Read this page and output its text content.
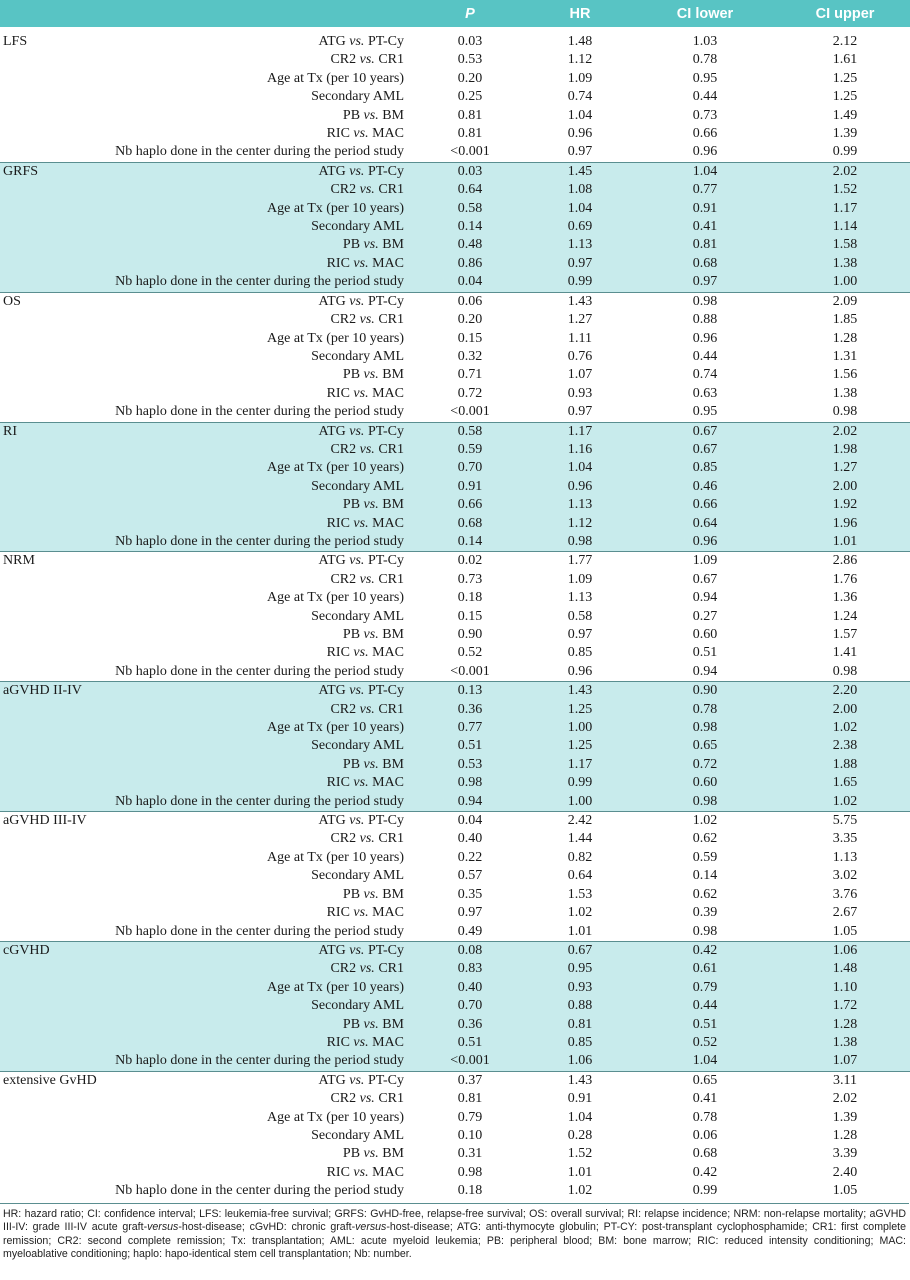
		P	HR	CI lower	CI upper
LFS	ATG vs. PT-Cy	0.03	1.48	1.03	2.12
	CR2 vs. CR1	0.53	1.12	0.78	1.61
	Age at Tx (per 10 years)	0.20	1.09	0.95	1.25
	Secondary AML	0.25	0.74	0.44	1.25
	PB vs. BM	0.81	1.04	0.73	1.49
	RIC vs. MAC	0.81	0.96	0.66	1.39
	Nb haplo done in the center during the period study	<0.001	0.97	0.96	0.99
GRFS	ATG vs. PT-Cy	0.03	1.45	1.04	2.02
	CR2 vs. CR1	0.64	1.08	0.77	1.52
	Age at Tx (per 10 years)	0.58	1.04	0.91	1.17
	Secondary AML	0.14	0.69	0.41	1.14
	PB vs. BM	0.48	1.13	0.81	1.58
	RIC vs. MAC	0.86	0.97	0.68	1.38
	Nb haplo done in the center during the period study	0.04	0.99	0.97	1.00
OS	ATG vs. PT-Cy	0.06	1.43	0.98	2.09
	CR2 vs. CR1	0.20	1.27	0.88	1.85
	Age at Tx (per 10 years)	0.15	1.11	0.96	1.28
	Secondary AML	0.32	0.76	0.44	1.31
	PB vs. BM	0.71	1.07	0.74	1.56
	RIC vs. MAC	0.72	0.93	0.63	1.38
	Nb haplo done in the center during the period study	<0.001	0.97	0.95	0.98
RI	ATG vs. PT-Cy	0.58	1.17	0.67	2.02
	CR2 vs. CR1	0.59	1.16	0.67	1.98
	Age at Tx (per 10 years)	0.70	1.04	0.85	1.27
	Secondary AML	0.91	0.96	0.46	2.00
	PB vs. BM	0.66	1.13	0.66	1.92
	RIC vs. MAC	0.68	1.12	0.64	1.96
	Nb haplo done in the center during the period study	0.14	0.98	0.96	1.01
NRM	ATG vs. PT-Cy	0.02	1.77	1.09	2.86
	CR2 vs. CR1	0.73	1.09	0.67	1.76
	Age at Tx (per 10 years)	0.18	1.13	0.94	1.36
	Secondary AML	0.15	0.58	0.27	1.24
	PB vs. BM	0.90	0.97	0.60	1.57
	RIC vs. MAC	0.52	0.85	0.51	1.41
	Nb haplo done in the center during the period study	<0.001	0.96	0.94	0.98
aGVHD II-IV	ATG vs. PT-Cy	0.13	1.43	0.90	2.20
	CR2 vs. CR1	0.36	1.25	0.78	2.00
	Age at Tx (per 10 years)	0.77	1.00	0.98	1.02
	Secondary AML	0.51	1.25	0.65	2.38
	PB vs. BM	0.53	1.17	0.72	1.88
	RIC vs. MAC	0.98	0.99	0.60	1.65
	Nb haplo done in the center during the period study	0.94	1.00	0.98	1.02
aGVHD III-IV	ATG vs. PT-Cy	0.04	2.42	1.02	5.75
	CR2 vs. CR1	0.40	1.44	0.62	3.35
	Age at Tx (per 10 years)	0.22	0.82	0.59	1.13
	Secondary AML	0.57	0.64	0.14	3.02
	PB vs. BM	0.35	1.53	0.62	3.76
	RIC vs. MAC	0.97	1.02	0.39	2.67
	Nb haplo done in the center during the period study	0.49	1.01	0.98	1.05
cGVHD	ATG vs. PT-Cy	0.08	0.67	0.42	1.06
	CR2 vs. CR1	0.83	0.95	0.61	1.48
	Age at Tx (per 10 years)	0.40	0.93	0.79	1.10
	Secondary AML	0.70	0.88	0.44	1.72
	PB vs. BM	0.36	0.81	0.51	1.28
	RIC vs. MAC	0.51	0.85	0.52	1.38
	Nb haplo done in the center during the period study	<0.001	1.06	1.04	1.07
extensive GvHD	ATG vs. PT-Cy	0.37	1.43	0.65	3.11
	CR2 vs. CR1	0.81	0.91	0.41	2.02
	Age at Tx (per 10 years)	0.79	1.04	0.78	1.39
	Secondary AML	0.10	0.28	0.06	1.28
	PB vs. BM	0.31	1.52	0.68	3.39
	RIC vs. MAC	0.98	1.01	0.42	2.40
	Nb haplo done in the center during the period study	0.18	1.02	0.99	1.05
HR: hazard ratio; CI: confidence interval; LFS: leukemia-free survival; GRFS: GvHD-free, relapse-free survival; OS: overall survival; RI: relapse incidence; NRM: non-relapse mortality; aGVHD III-IV: grade III-IV acute graft-versus-host-disease; cGvHD: chronic graft-versus-host-disease; ATG: anti-thymocyte globulin; PT-CY: post-transplant cyclophosphamide; CR1: first complete remission; CR2: second complete remission; Tx: transplantation; AML: acute myeloid leukemia; PB: peripheral blood; BM: bone marrow; RIC: reduced intensity conditioning; MAC: myeloablative conditioning; haplo: hapo-identical stem cell transplantation; Nb: number.
